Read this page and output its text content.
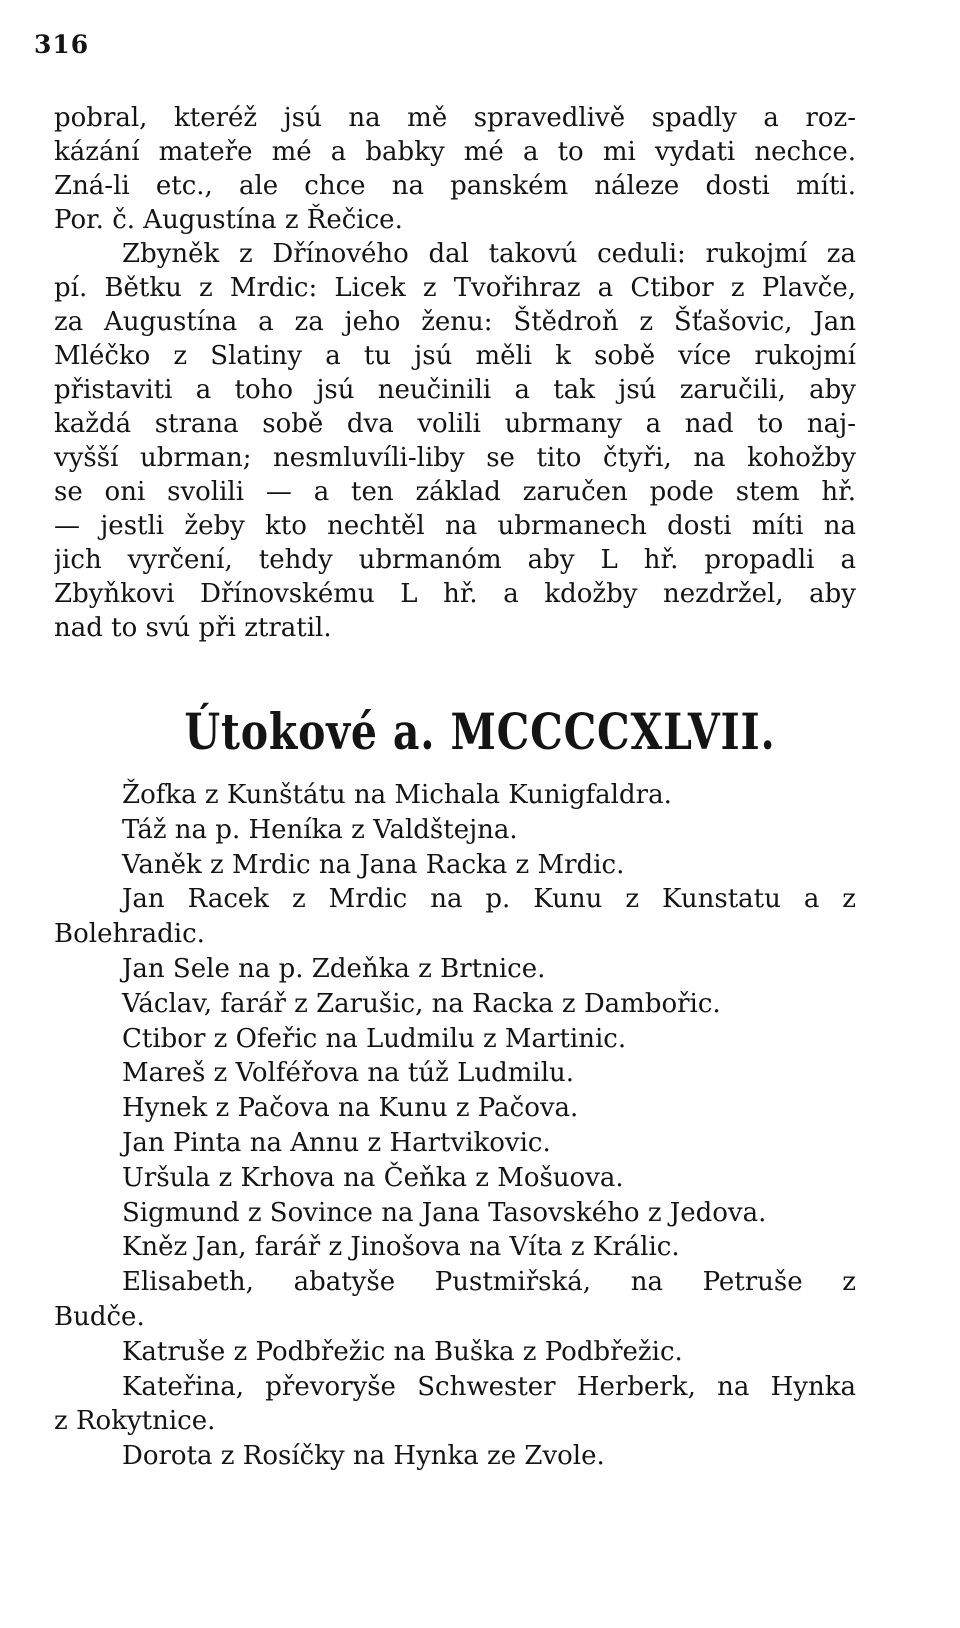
316
pobral, kteréž jsú na mě spravedlivě spadly a roz-
kázání mateře mé a babky mé a to mi vydati nechce.
Zná-li etc., ale chce na panském náleze dosti míti.
Por. č. Augustína z Řečice.
Zbyněk z Dřínového dal takovú ceduli: rukojmí za
pí. Bětku z Mrdic: Licek z Tvořihraz a Ctibor z Plavče,
za Augustína a za jeho ženu: Štědroň z Šťašovic, Jan
Mléčko z Slatiny a tu jsú měli k sobě více rukojmí
přistaviti a toho jsú neučinili a tak jsú zaručili, aby
každá strana sobě dva volili ubrmany a nad to naj-
vyšší ubrman; nesmluvíli-liby se tito čtyři, na kohožby
se oni svolili — a ten základ zaručen pode stem hř.
— jestli žeby kto nechtěl na ubrmanech dosti míti na
jich vyrčení, tehdy ubrmanóm aby L hř. propadli a
Zbyňkovi Dřínovskému L hř. a kdožby nezdržel, aby
nad to svú při ztratil.
Útokové a. MCCCCXLVII.
Žofka z Kunštátu na Michala Kunigfaldra.
Táž na p. Heníka z Valdštejna.
Vaněk z Mrdic na Jana Racka z Mrdic.
Jan Racek z Mrdic na p. Kunu z Kunstatu a z
Bolehradic.
Jan Sele na p. Zdeňka z Brtnice.
Václav, farář z Zarušic, na Racka z Dambořic.
Ctibor z Ofeřic na Ludmilu z Martinic.
Mareš z Volféřova na túž Ludmilu.
Hynek z Pačova na Kunu z Pačova.
Jan Pinta na Annu z Hartvikovic.
Uršula z Krhova na Čeňka z Mošuova.
Sigmund z Sovince na Jana Tasovského z Jedova.
Kněz Jan, farář z Jinošova na Víta z Králic.
Elisabeth, abatyše Pustmiřská, na Petruše z
Budče.
Katruše z Podbřežic na Buška z Podbřežic.
Kateřina, převoryše Schwester Herberk, na Hynka
z Rokytnice.
Dorota z Rosíčky na Hynka ze Zvole.
